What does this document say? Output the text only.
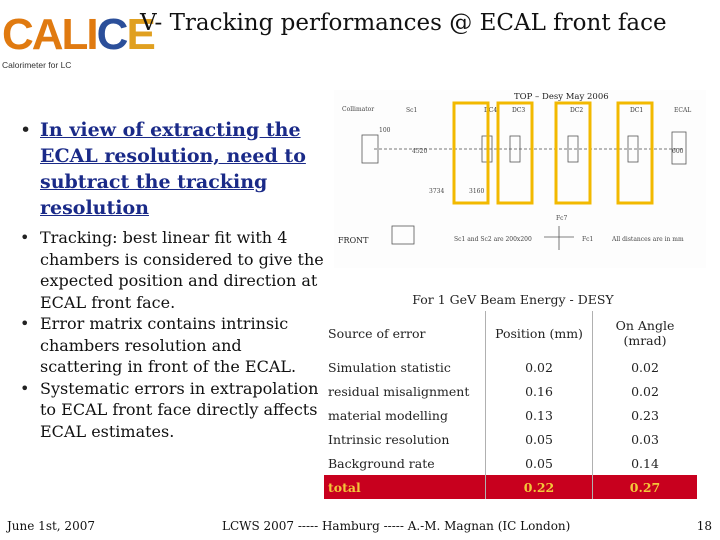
CALICE
Calorimeter for LC
V- Tracking performances @ ECAL front face
• In view of extracting the ECAL resolution, need to subtract the tracking resolution
• Tracking: best linear fit with 4 chambers is considered to give the expected position and direction at ECAL front face.
• Error matrix contains intrinsic chambers resolution and scattering in front of the ECAL.
• Systematic errors in extrapolation to ECAL front face directly affects ECAL estimates.
TOP – Desy May 2006
Collimator	Sc1
4520
100
3734	3160
600
DC4 DC3	DC2	DC1	ECAL
FRONT	Sc1 and Sc2 are 200x200
Fc7
Fc1	All distances are in mm
For 1 GeV Beam Energy - DESY
Source of error	Position (mm)	On Angle (mrad)
Simulation statistic	0.02	0.02
residual misalignment	0.16	0.02
material modelling	0.13	0.23
Intrinsic resolution	0.05	0.03
Background rate	0.05	0.14
total	0.22	0.27
June 1st, 2007	LCWS 2007 ----- Hamburg ----- A.-M. Magnan (IC London)	18
